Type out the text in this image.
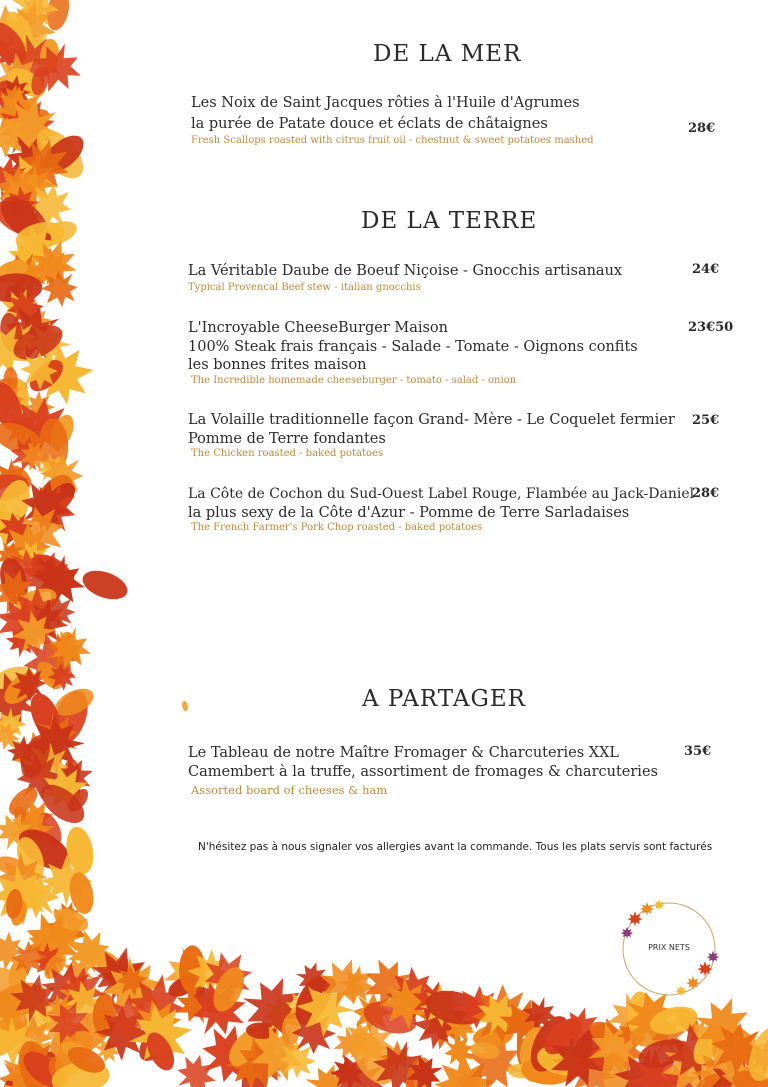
DE LA MER
Les Noix de Saint Jacques rôties à l'Huile d'Agrumes
la purée de Patate douce et éclats de châtaignes
Fresh Scallops roasted with citrus fruit oil - chestnut & sweet potatoes mashed
28€
DE LA TERRE
La Véritable Daube de Boeuf Niçoise - Gnocchis artisanaux
Typical Provencal Beef stew - italian gnocchis
24€
L'Incroyable CheeseBurger Maison
100% Steak frais français - Salade - Tomate - Oignons confits
les bonnes frites maison
The Incredible homemade cheeseburger - tomato - salad - onion
23€50
La Volaille traditionnelle façon Grand- Mère - Le Coquelet fermier
Pomme de Terre fondantes
The Chicken roasted - baked potatoes
25€
La Côte de Cochon du Sud-Ouest Label Rouge, Flambée au Jack-Daniel
la plus sexy de la Côte d'Azur - Pomme de Terre Sarladaises
The French Farmer's Pork Chop roasted - baked potatoes
28€
A PARTAGER
Le Tableau de notre Maître Fromager & Charcuteries XXL
Camembert à la truffe, assortiment de fromages & charcuteries
Assorted board of cheeses & ham
35€
N'hésitez pas à nous signaler vos allergies avant la commande. Tous les plats servis sont facturés
PRIX NETS
